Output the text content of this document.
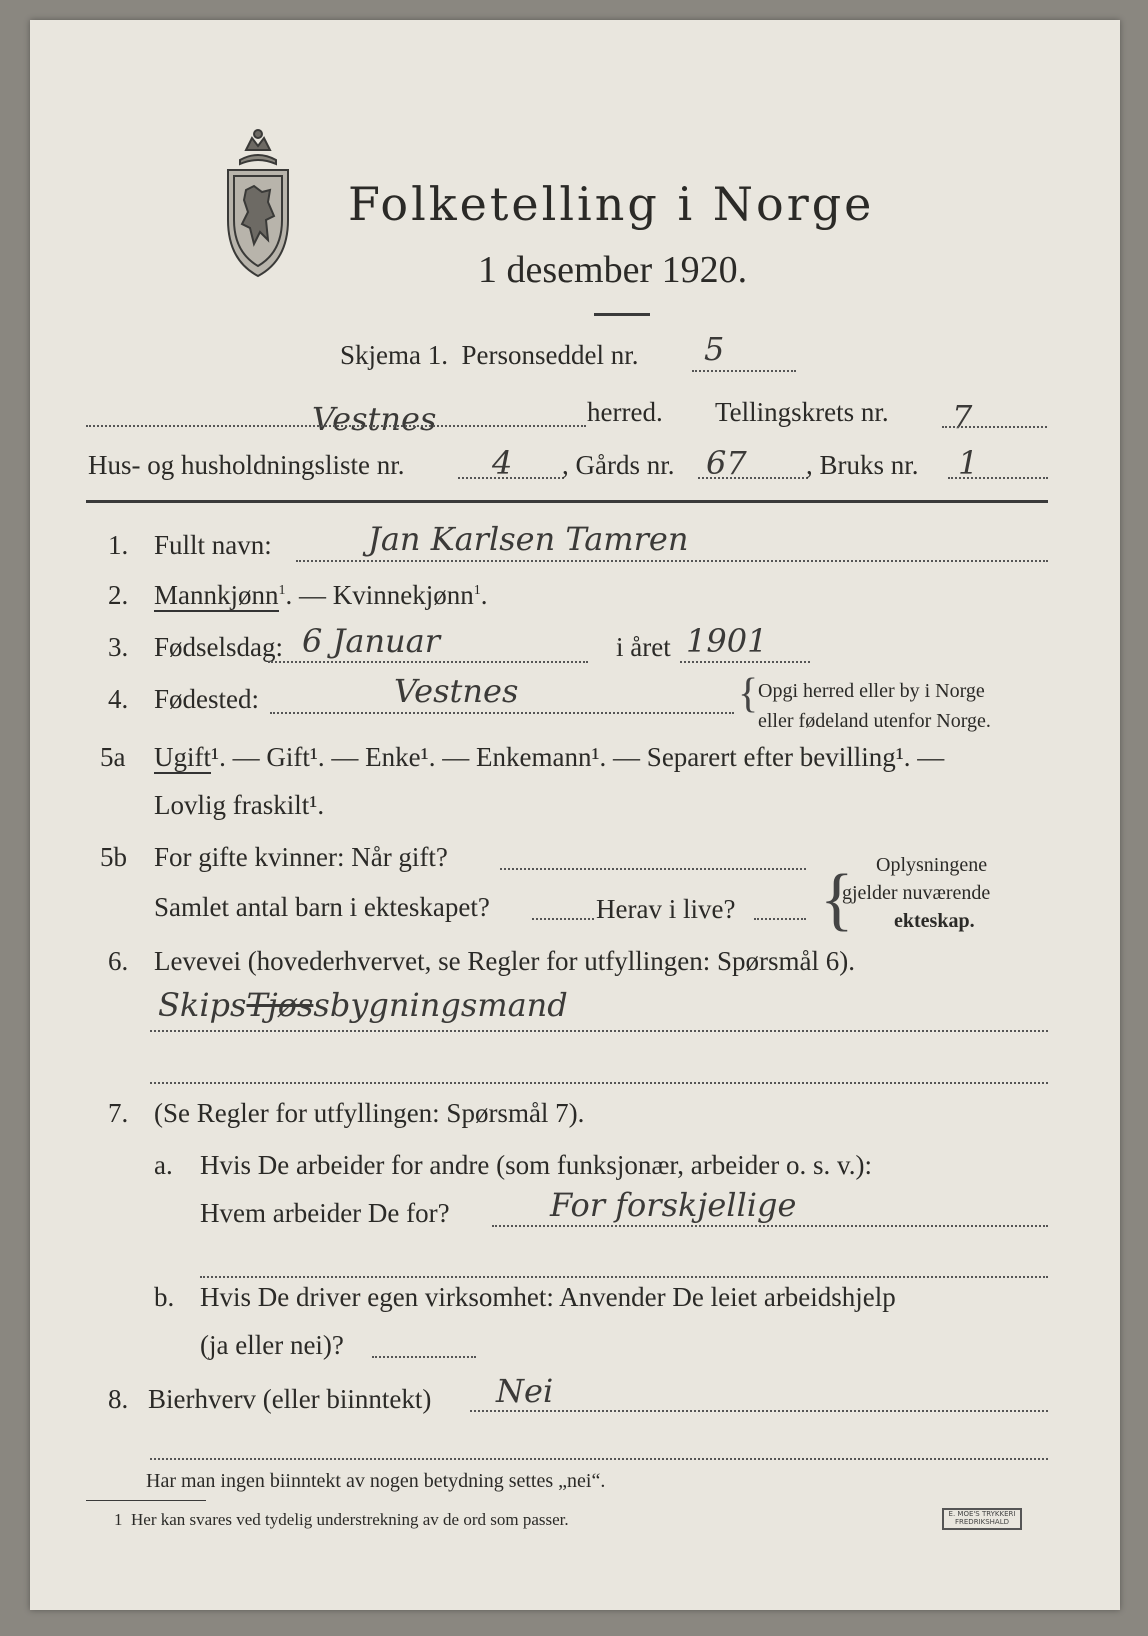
Folketelling i Norge
1 desember 1920.
Skjema 1. Personseddel nr. 5
Vestnes	herred. Tellingskrets nr. 7
Hus- og husholdningsliste nr.	4 , Gårds nr. 67 , Bruks nr. 1
1. Fullt navn:	Jan Karlsen Tamren
2. Mannkjønn$^1$. — Kvinnekjønn$^1$.
3. Fødselsdag: 6 Januar	i året 1901
4. Fødested:	Vestnes	{ Opgi herred eller by i Norge
eller fødeland utenfor Norge.
5a Ugift¹. — Gift¹. — Enke¹. — Enkemann¹. — Separert efter bevilling¹. —
Lovlig fraskilt¹.
5b For gifte kvinner: Når gift?
Samlet antal barn i ekteskapet?	Herav i live? { Oplysningene
gjelder nuværende
ekteskap.
6. Levevei (hovederhvervet, se Regler for utfyllingen: Spørsmål 6).
SkipsTjøssbygningsmand
7. (Se Regler for utfyllingen: Spørsmål 7).
a. Hvis De arbeider for andre (som funksjonær, arbeider o. s. v.):
Hvem arbeider De for?	For forskjellige
b. Hvis De driver egen virksomhet: Anvender De leiet arbeidshjelp
(ja eller nei)?
8. Bierhverv (eller biinntekt) Nei
Har man ingen biinntekt av nogen betydning settes „nei“.
1 Her kan svares ved tydelig understrekning av de ord som passer.	E. MOE'S TRYKKERI
FREDRIKSHALD
